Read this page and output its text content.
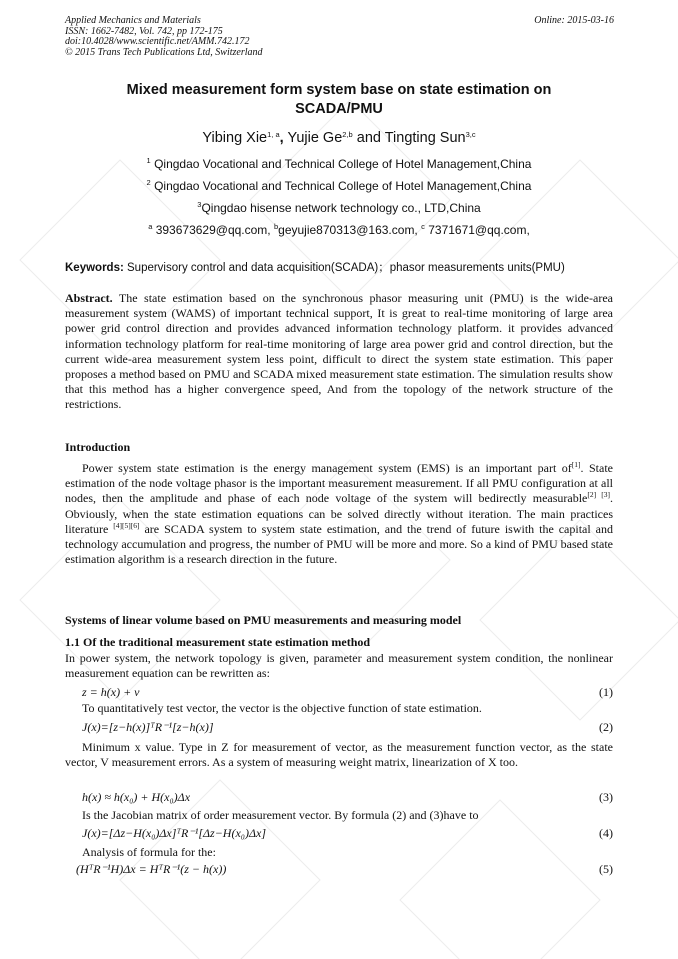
Applied Mechanics and Materials
ISSN: 1662-7482, Vol. 742, pp 172-175
doi:10.4028/www.scientific.net/AMM.742.172
© 2015 Trans Tech Publications Ltd, Switzerland
Online: 2015-03-16
Mixed measurement form system base on state estimation on
SCADA/PMU
Yibing Xie$^{1, a}$, Yujie Ge$^{2,b}$ and Tingting Sun$^{3,c}$
$^1$ Qingdao Vocational and Technical College of Hotel Management,China
$^2$ Qingdao Vocational and Technical College of Hotel Management,China
$^3$Qingdao hisense network technology co., LTD,China
$^a$ 393673629@qq.com, $^b$geyujie870313@163.com, $^c$ 7371671@qq.com,
Keywords: Supervisory control and data acquisition(SCADA)；phasor measurements units(PMU)
Abstract. The state estimation based on the synchronous phasor measuring unit (PMU) is the wide-area measurement system (WAMS) of important technical support, It is great to real-time monitoring of large area power grid control direction and provides advanced information technology platform. it provides advanced information technology platform for real-time monitoring of large area power grid and control direction, but the current wide-area measurement system less point, difficult to direct the system state estimation. This paper proposes a method based on PMU and SCADA mixed measurement state estimation. The simulation results show that this method has a higher convergence speed, And from the topology of the network structure of the restrictions.
Introduction
Power system state estimation is the energy management system (EMS) is an important part of[1]. State estimation of the node voltage phasor is the important measurement measurement. If all PMU configuration at all nodes, then the amplitude and phase of each node voltage of the system will bedirectly measurable[2] [3]. Obviously, when the state estimation equations can be solved directly without iteration. The main practices literature [4][5][6] are SCADA system to system state estimation, and the trend of future iswith the capital and technology accumulation and progress, the number of PMU will be more and more. So a kind of PMU based state estimation algorithm is a research direction in the future.
Systems of linear volume based on PMU measurements and measuring model
1.1 Of the traditional measurement state estimation method
In power system, the network topology is given, parameter and measurement system condition, the nonlinear measurement equation can be rewritten as:
z = h(x) + v	(1)
To quantitatively test vector, the vector is the objective function of state estimation.
J(x)=[z−h(x)]ᵀR⁻¹[z−h(x)]	(2)
Minimum x value. Type in Z for measurement of vector, as the measurement function vector, as the state vector, V measurement errors. As a system of measuring weight matrix, linearization of X too.
h(x) ≈ h(x₀) + H(x₀)Δx	(3)
Is the Jacobian matrix of order measurement vector. By formula (2) and (3)have to
J(x)=[Δz−H(x₀)Δx]ᵀR⁻¹[Δz−H(x₀)Δx]	(4)
Analysis of formula for the:
(HᵀR⁻¹H)Δx = HᵀR⁻¹(z − h(x))	(5)
